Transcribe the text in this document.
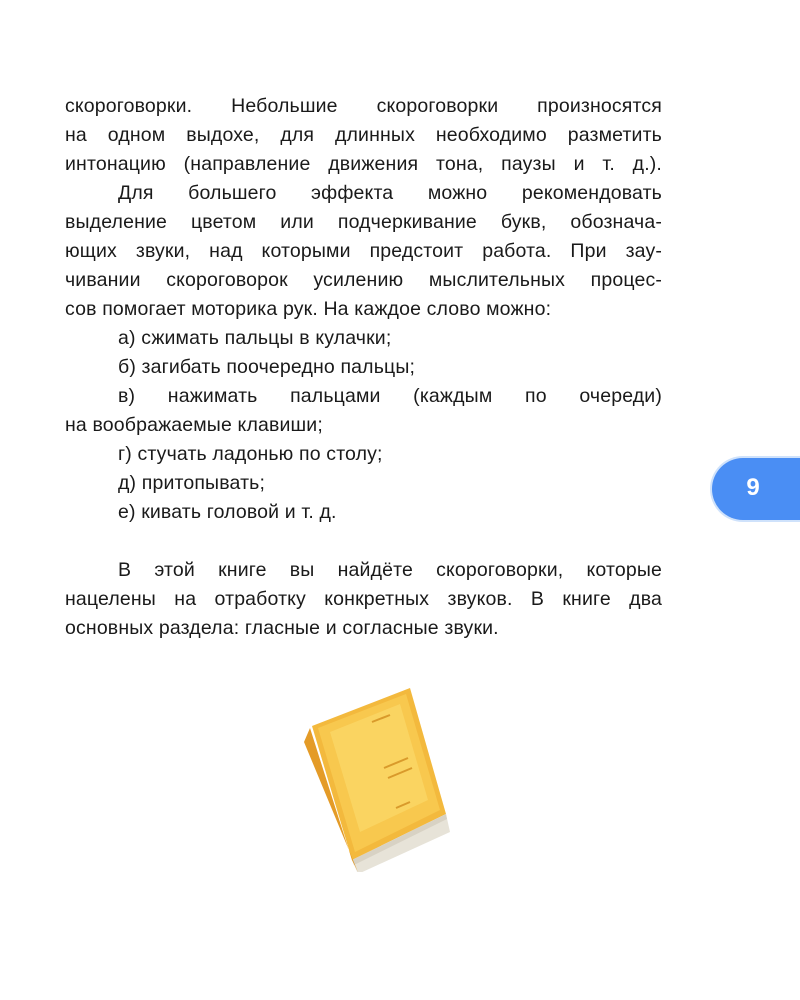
скороговорки. Небольшие скороговорки произносятся
на одном выдохе, для длинных необходимо разметить
интонацию (направление движения тона, паузы и т. д.).
Для большего эффекта можно рекомендовать
выделение цветом или подчеркивание букв, обознача-
ющих звуки, над которыми предстоит работа. При зау-
чивании скороговорок усилению мыслительных процес-
сов помогает моторика рук. На каждое слово можно:
а) сжимать пальцы в кулачки;
б) загибать поочередно пальцы;
в) нажимать пальцами (каждым по очереди)
на воображаемые клавиши;
г) стучать ладонью по столу;
д) притопывать;
е) кивать головой и т. д.
В этой книге вы найдёте скороговорки, которые
нацелены на отработку конкретных звуков. В книге два
основных раздела: гласные и согласные звуки.
9
